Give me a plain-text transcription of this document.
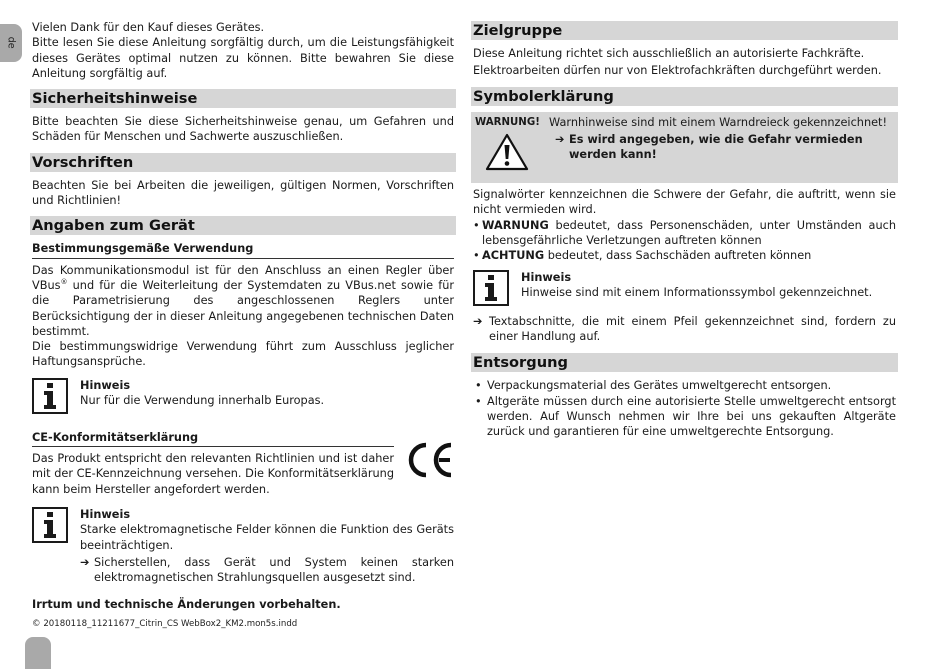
de

Vielen Dank für den Kauf dieses Gerätes.

Bitte lesen Sie diese Anleitung sorgfältig durch, um die Leistungsfähigkeit dieses Gerätes optimal nutzen zu können. Bitte bewahren Sie diese Anleitung sorgfältig auf.

Sicherheitshinweise

Bitte beachten Sie diese Sicherheitshinweise genau, um Gefahren und Schäden für Menschen und Sachwerte auszuschließen.

Vorschriften

Beachten Sie bei Arbeiten die jeweiligen, gültigen Normen, Vorschriften und Richtlinien!

Angaben zum Gerät
Bestimmungsgemäße Verwendung

Das Kommunikationsmodul ist für den Anschluss an einen Regler über VBus® und für die Weiterleitung der Systemdaten zu VBus.net sowie für die Parametrisierung des angeschlossenen Reglers unter Berücksichtigung der in dieser Anleitung angegebenen technischen Daten bestimmt.

Die bestimmungswidrige Verwendung führt zum Ausschluss jeglicher Haftungsansprüche.

Hinweis
Nur für die Verwendung innerhalb Europas.
CE-Konformitätserklärung

Das Produkt entspricht den relevanten Richtlinien und ist daher mit der CE-Kennzeichnung versehen. Die Konformitätserklärung kann beim Hersteller angefordert werden.

Hinweis

Starke elektromagnetische Felder können die Funktion des Geräts beeinträchtigen.

➔ Sicherstellen, dass Gerät und System keinen starken elektromagnetischen Strahlungsquellen ausgesetzt sind.
Irrtum und technische Änderungen vorbehalten.
Zielgruppe

Diese Anleitung richtet sich ausschließlich an autorisierte Fachkräfte.

Elektroarbeiten dürfen nur von Elektrofachkräften durchgeführt werden.

Symbolerklärung
WARNUNG! Warnhinweise sind mit einem Warndreieck gekennzeichnet!
➔ Es wird angegeben, wie die Gefahr vermieden werden kann!

Signalwörter kennzeichnen die Schwere der Gefahr, die auftritt, wenn sie nicht vermieden wird.

• WARNUNG bedeutet, dass Personenschäden, unter Umständen auch lebensgefährliche Verletzungen auftreten können
• ACHTUNG bedeutet, dass Sachschäden auftreten können
Hinweis
Hinweise sind mit einem Informationssymbol gekennzeichnet.
➔ Textabschnitte, die mit einem Pfeil gekennzeichnet sind, fordern zu einer Handlung auf.
Entsorgung
• Verpackungsmaterial des Gerätes umweltgerecht entsorgen.
• Altgeräte müssen durch eine autorisierte Stelle umweltgerecht entsorgt werden. Auf Wunsch nehmen wir Ihre bei uns gekauften Altgeräte zurück und garantieren für eine umweltgerechte Entsorgung.
© 20180118_11211677_Citrin_CS WebBox2_KM2.mon5s.indd
